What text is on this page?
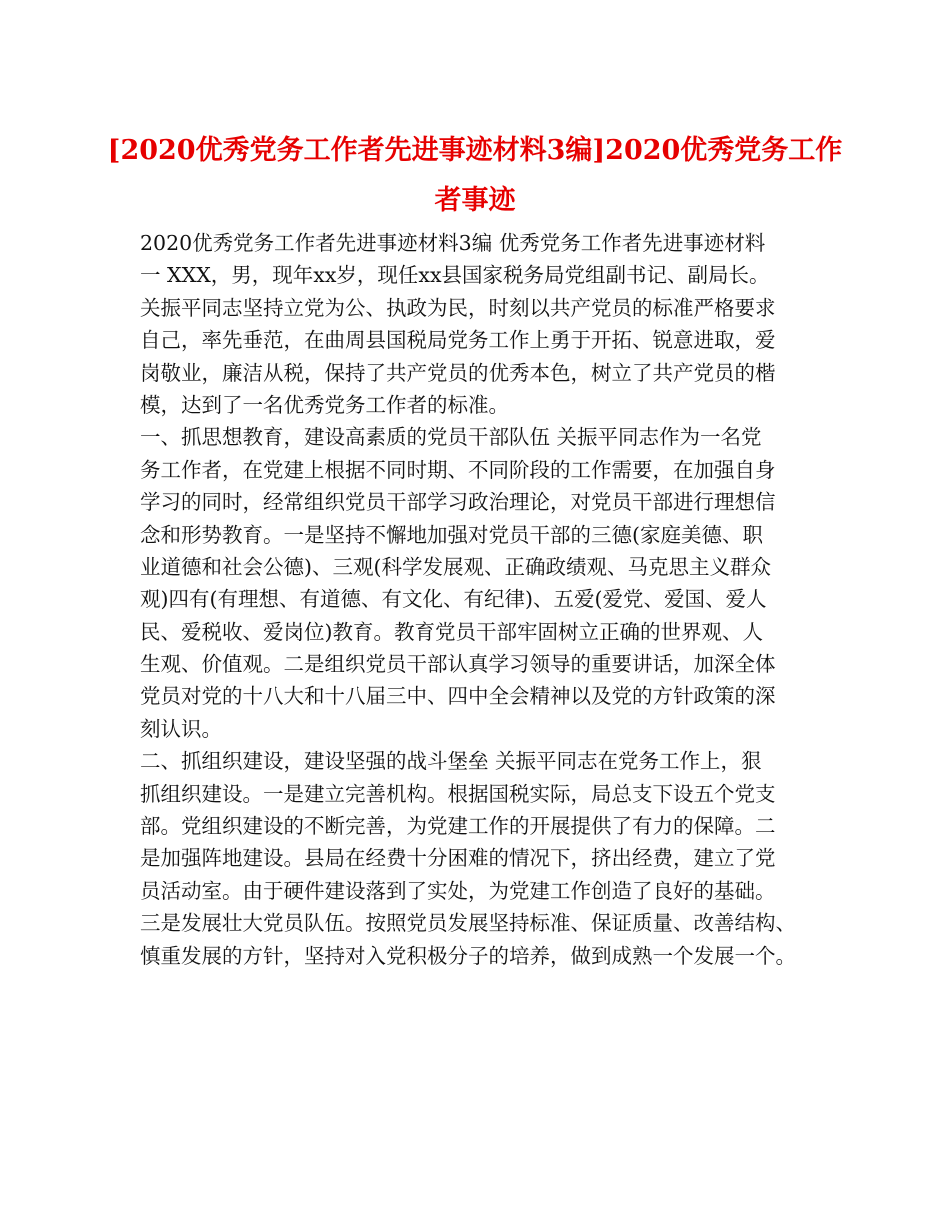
[2020优秀党务工作者先进事迹材料3编]2020优秀党务工作者事迹
2020优秀党务工作者先进事迹材料3编 优秀党务工作者先进事迹材料
一 XXX，男，现年xx岁，现任xx县国家税务局党组副书记、副局长。
关振平同志坚持立党为公、执政为民，时刻以共产党员的标准严格要求
自己，率先垂范，在曲周县国税局党务工作上勇于开拓、锐意进取，爱
岗敬业，廉洁从税，保持了共产党员的优秀本色，树立了共产党员的楷
模，达到了一名优秀党务工作者的标准。
一、抓思想教育，建设高素质的党员干部队伍 关振平同志作为一名党
务工作者，在党建上根据不同时期、不同阶段的工作需要，在加强自身
学习的同时，经常组织党员干部学习政治理论，对党员干部进行理想信
念和形势教育。一是坚持不懈地加强对党员干部的三德(家庭美德、职
业道德和社会公德)、三观(科学发展观、正确政绩观、马克思主义群众
观)四有(有理想、有道德、有文化、有纪律)、五爱(爱党、爱国、爱人
民、爱税收、爱岗位)教育。教育党员干部牢固树立正确的世界观、人
生观、价值观。二是组织党员干部认真学习领导的重要讲话，加深全体
党员对党的十八大和十八届三中、四中全会精神以及党的方针政策的深
刻认识。
二、抓组织建设，建设坚强的战斗堡垒 关振平同志在党务工作上，狠
抓组织建设。一是建立完善机构。根据国税实际，局总支下设五个党支
部。党组织建设的不断完善，为党建工作的开展提供了有力的保障。二
是加强阵地建设。县局在经费十分困难的情况下，挤出经费，建立了党
员活动室。由于硬件建设落到了实处，为党建工作创造了良好的基础。
三是发展壮大党员队伍。按照党员发展坚持标准、保证质量、改善结构、
慎重发展的方针，坚持对入党积极分子的培养，做到成熟一个发展一个。
